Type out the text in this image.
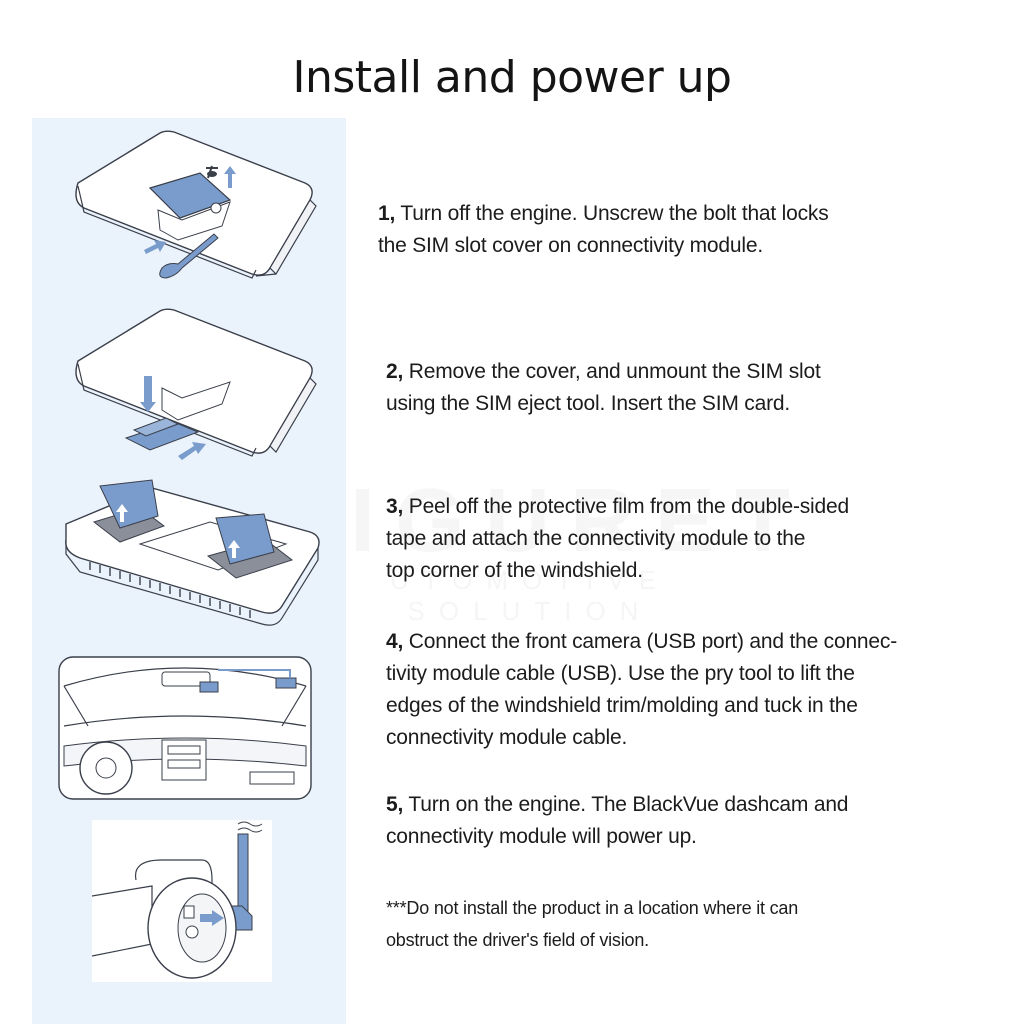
Install and power up

1, Turn off the engine. Unscrew the bolt that locks

the SIM slot cover on connectivity module.

2, Remove the cover, and unmount the SIM slot

using the SIM eject tool. Insert the SIM card.

3, Peel off the protective film from the double-sided

tape and attach the connectivity module to the

top corner of the windshield.

4, Connect the front camera (USB port) and the connec-

tivity module cable (USB). Use the pry tool to lift the

edges of the windshield trim/molding and tuck in the

connectivity module cable.

5, Turn on the engine. The BlackVue dashcam and

connectivity module will power up.

***Do not install the product in a location where it can

obstruct the driver's field of vision.
